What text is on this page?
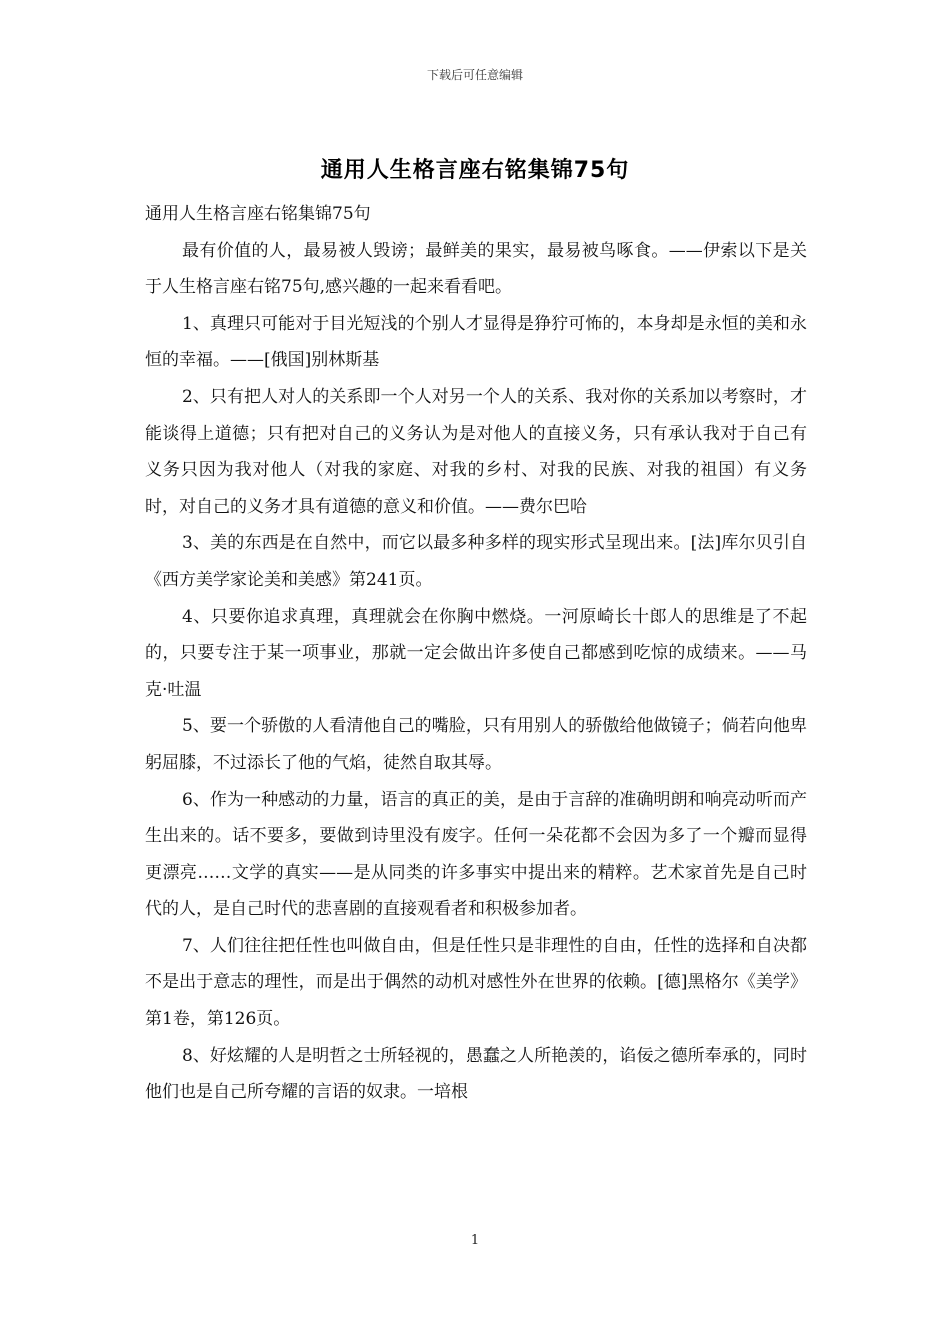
下载后可任意编辑
通用人生格言座右铭集锦75句

通用人生格言座右铭集锦75句

最有价值的人，最易被人毁谤；最鲜美的果实，最易被鸟啄食。——伊索以下是关于人生格言座右铭75句,感兴趣的一起来看看吧。

1、真理只可能对于目光短浅的个别人才显得是狰狞可怖的，本身却是永恒的美和永恒的幸福。——[俄国]别林斯基

2、只有把人对人的关系即一个人对另一个人的关系、我对你的关系加以考察时，才能谈得上道德；只有把对自己的义务认为是对他人的直接义务，只有承认我对于自己有义务只因为我对他人（对我的家庭、对我的乡村、对我的民族、对我的祖国）有义务时，对自己的义务才具有道德的意义和价值。——费尔巴哈

3、美的东西是在自然中，而它以最多种多样的现实形式呈现出来。[法]库尔贝引自《西方美学家论美和美感》第241页。

4、只要你追求真理，真理就会在你胸中燃烧。一河原崎长十郎人的思维是了不起的，只要专注于某一项事业，那就一定会做出许多使自己都感到吃惊的成绩来。——马克·吐温

5、要一个骄傲的人看清他自己的嘴脸，只有用别人的骄傲给他做镜子；倘若向他卑躬屈膝，不过添长了他的气焰，徒然自取其辱。

6、作为一种感动的力量，语言的真正的美，是由于言辞的准确明朗和响亮动听而产生出来的。话不要多，要做到诗里没有废字。任何一朵花都不会因为多了一个瓣而显得更漂亮……文学的真实——是从同类的许多事实中提出来的精粹。艺术家首先是自己时代的人，是自己时代的悲喜剧的直接观看者和积极参加者。

7、人们往往把任性也叫做自由，但是任性只是非理性的自由，任性的选择和自决都不是出于意志的理性，而是出于偶然的动机对感性外在世界的依赖。[德]黑格尔《美学》第1卷，第126页。

8、好炫耀的人是明哲之士所轻视的，愚蠢之人所艳羡的，谄佞之德所奉承的，同时他们也是自己所夸耀的言语的奴隶。一培根

1
